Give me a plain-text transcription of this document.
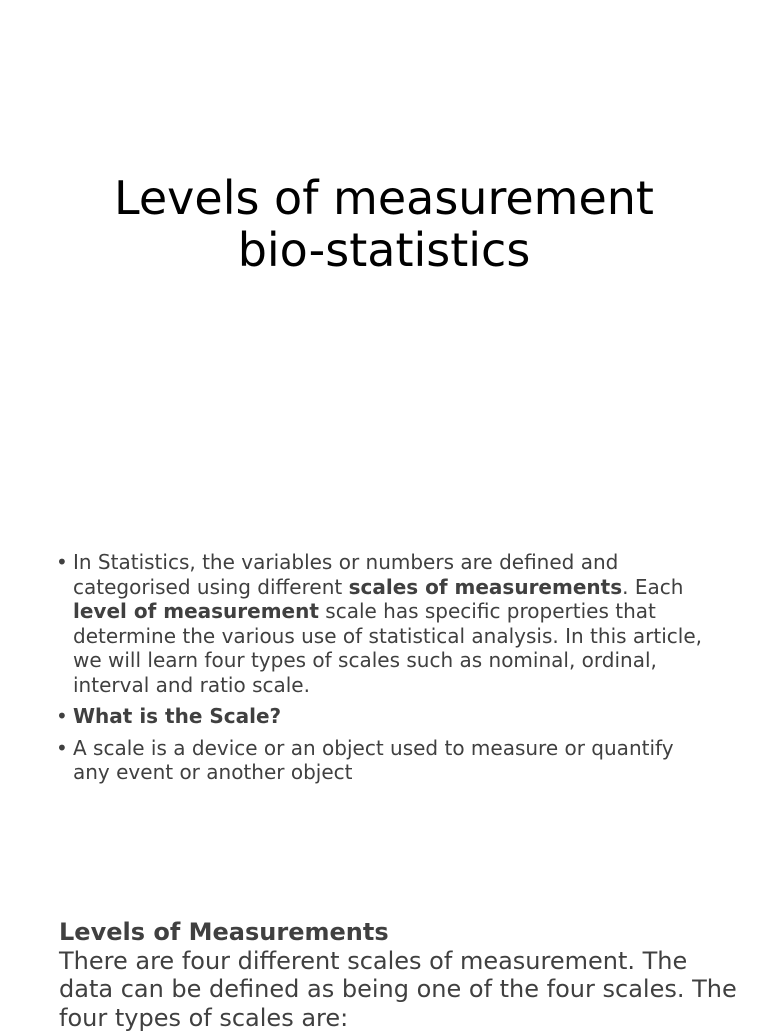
Levels of measurement
bio-statistics
• In Statistics, the variables or numbers are defined and categorised using different scales of measurements. Each level of measurement scale has specific properties that determine the various use of statistical analysis. In this article, we will learn four types of scales such as nominal, ordinal, interval and ratio scale.
• What is the Scale?
• A scale is a device or an object used to measure or quantify any event or another object
Levels of Measurements
There are four different scales of measurement. The data can be defined as being one of the four scales. The four types of scales are:
